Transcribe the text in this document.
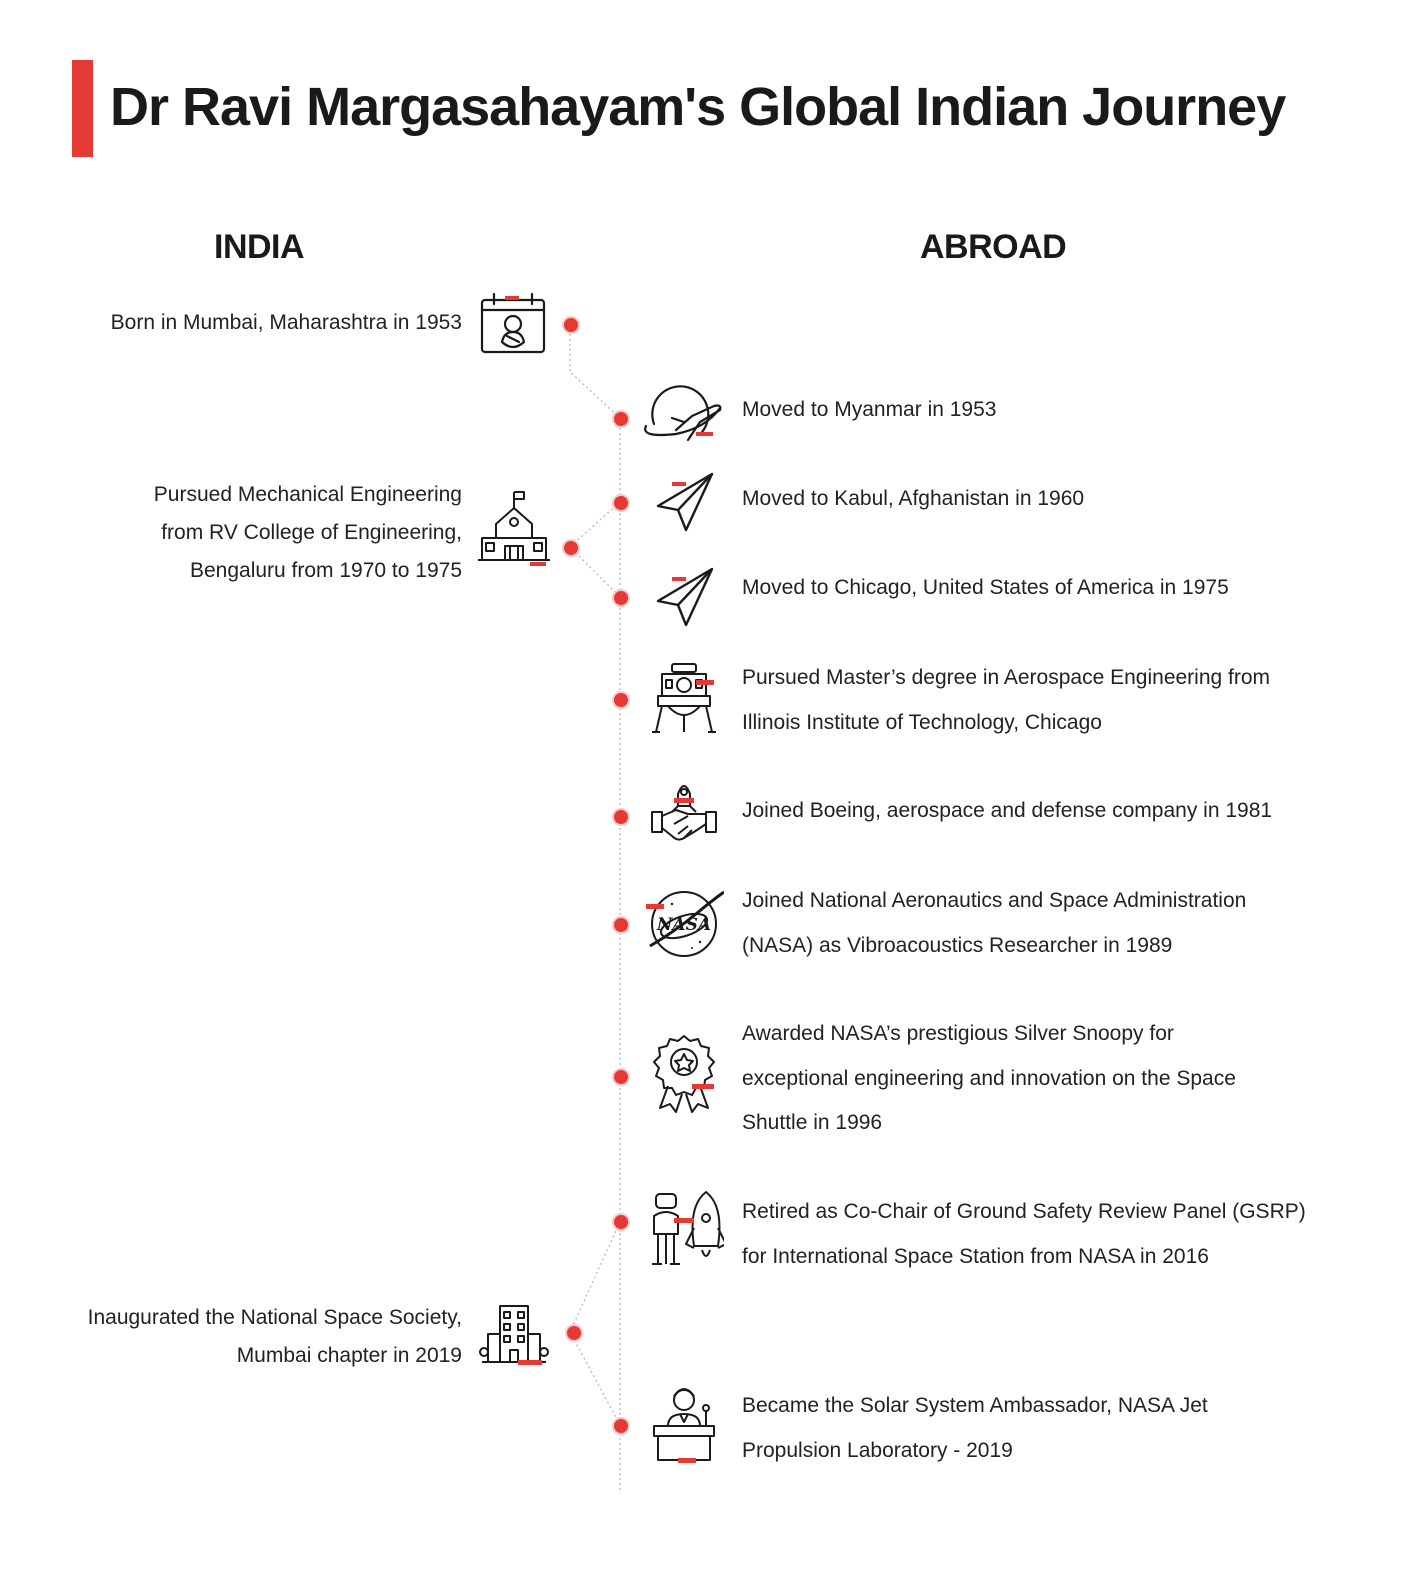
Dr Ravi Margasahayam's Global Indian Journey
INDIA	ABROAD
Born in Mumbai, Maharashtra in 1953
Pursued Mechanical Engineering
from RV College of Engineering,
Bengaluru from 1970 to 1975
Inaugurated the National Space Society,
Mumbai chapter in 2019
NASA
Moved to Myanmar in 1953
Moved to Kabul, Afghanistan in 1960
Moved to Chicago, United States of America in 1975
Pursued Master’s degree in Aerospace Engineering from
Illinois Institute of Technology, Chicago
Joined Boeing, aerospace and defense company in 1981
Joined National Aeronautics and Space Administration
(NASA) as Vibroacoustics Researcher in 1989
Awarded NASA’s prestigious Silver Snoopy for
exceptional engineering and innovation on the Space
Shuttle in 1996
Retired as Co-Chair of Ground Safety Review Panel (GSRP)
for International Space Station from NASA in 2016
Became the Solar System Ambassador, NASA Jet
Propulsion Laboratory - 2019
